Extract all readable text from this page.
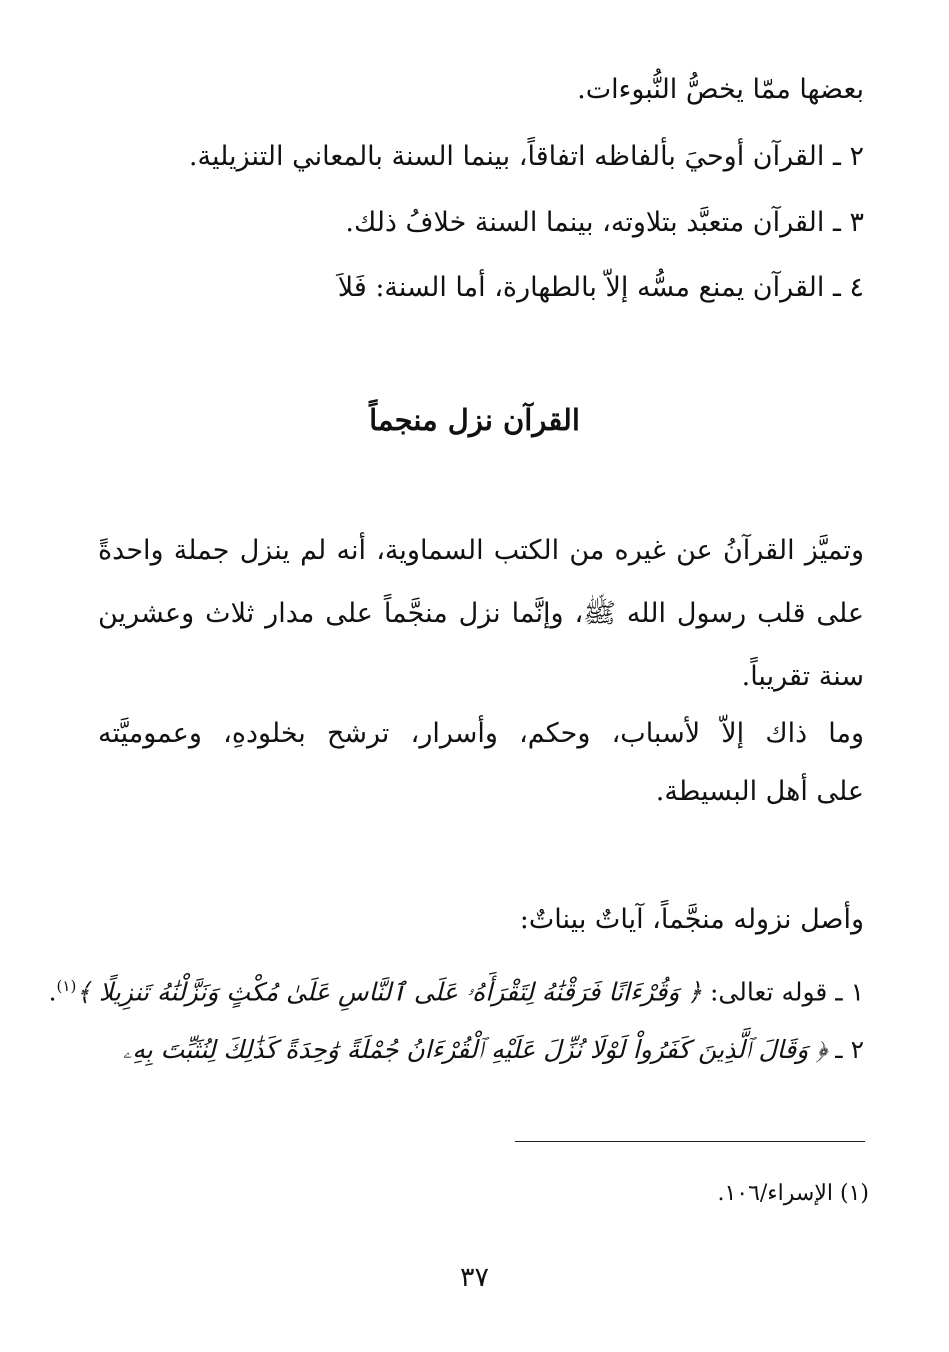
بعضها ممّا يخصُّ النُّبوءات.
٢ ـ القرآن أوحيَ بألفاظه اتفاقاً، بينما السنة بالمعاني التنزيلية.
٣ ـ القرآن متعبَّد بتلاوته، بينما السنة خلافُ ذلك.
٤ ـ القرآن يمنع مسُّه إلاّ بالطهارة، أما السنة: فَلاَ
القرآن نزل منجماً
وتميَّز القرآنُ عن غيره من الكتب السماوية، أنه لم ينزل جملة واحدةً
على قلب رسول الله ﷺ، وإنَّما نزل منجَّماً على مدار ثلاث وعشرين
سنة تقريباً.
وما ذاك إلاّ لأسباب، وحكم، وأسرار، ترشح بخلودهِ، وعموميَّته
على أهل البسيطة.
وأصل نزوله منجَّماً، آياتٌ بيناتٌ:
١ ـ قوله تعالى: ﴿ وَقُرْءَانًا فَرَقْنَٰهُ لِتَقْرَأَهُۥ عَلَى ٱلنَّاسِ عَلَىٰ مُكْثٍ وَنَزَّلْنَٰهُ تَنزِيلًا ﴾$^{(١)}$.
٢ ـ ﴿ وَقَالَ ٱلَّذِينَ كَفَرُواْ لَوْلَا نُزِّلَ عَلَيْهِ ٱلْقُرْءَانُ جُمْلَةً وَٰحِدَةً كَذَٰلِكَ لِنُثَبِّتَ بِهِۦ
(١) الإسراء/١٠٦.
٣٧
